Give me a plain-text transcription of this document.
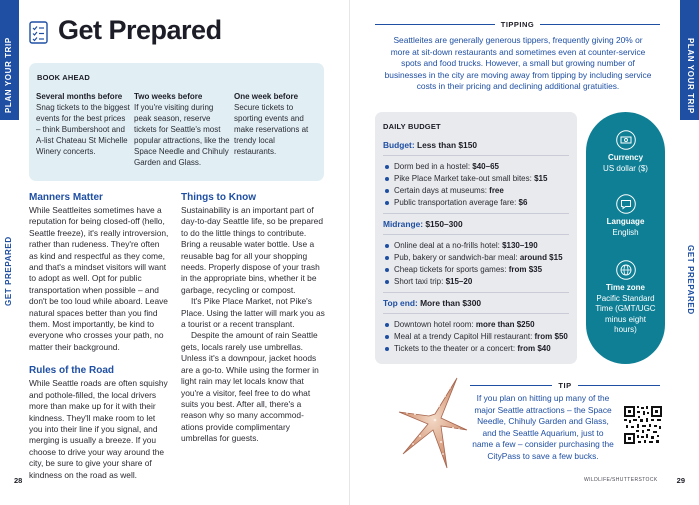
PLAN YOUR TRIP
GET PREPARED
Get Prepared
BOOK AHEAD
Several months before Snag tickets to the biggest events for the best prices – think Bumbershoot and A-list Chateau St Michelle Winery concerts.
Two weeks before
If you're visiting during peak season, reserve tickets for Seattle's most popular attractions, like the Space Needle and Chihuly Garden and Glass.
One week before
Secure tickets to sporting events and make reservations at trendy local restaurants.
Manners Matter

While Seattleites sometimes have a reputation for being closed-off (hello, Seattle freeze), it's really introversion, rather than rudeness. They're often as kind and respectful as they come, and that's a mindset visitors will want to adopt as well. Opt for public transportation when possible – and don't be too loud while aboard. Leave natural spaces better than you find them. Most importantly, be kind to everyone who crosses your path, no matter their background.

Rules of the Road

While Seattle roads are often squishy and pothole-filled, the local drivers more than make up for it with their kindness. They'll make room to let you into their line if you signal, and merging is usually a breeze. If you choose to drive your way around the city, be sure to give your share of kindness on the road as well.

Things to Know

Sustainability is an important part of day-to-day Seattle life, so be prepared to do the little things to contribute. Bring a reusable water bottle. Use a reusable bag for all your shopping needs. Properly dispose of your trash in the appropriate bins, whether it be garbage, recycling or compost.

It's Pike Place Market, not Pike's Place. Using the latter will mark you as a tourist or a recent transplant.

Despite the amount of rain Seattle gets, locals rarely use umbrellas. Unless it's a downpour, jacket hoods are a go-to. While using the former in light rain may let locals know that you're a visitor, feel free to do what suits you best. After all, there's a reason why so many accommod-ations provide complimentary umbrellas for guests.

28
PLAN YOUR TRIP
GET PREPARED
TIPPING
Seattleites are generally generous tippers, frequently giving 20% or more at sit-down restaurants and sometimes even at counter-service spots and food trucks. However, a small but growing number of businesses in the city are moving away from tipping by including service costs in their pricing and declining additional gratuities.
DAILY BUDGET
Budget: Less than $150
Dorm bed in a hostel: $40–65
Pike Place Market take-out small bites: $15
Certain days at museums: free
Public transportation average fare: $6
Midrange: $150–300
Online deal at a no-frills hotel: $130–190
Pub, bakery or sandwich-bar meal: around $15
Cheap tickets for sports games: from $35
Short taxi trip: $15–20
Top end: More than $300
Downtown hotel room: more than $250
Meal at a trendy Capitol Hill restaurant: from $50
Tickets to the theater or a concert: from $40
Currency
US dollar ($)
Language
English
Time zone
Pacific Standard Time (GMT/UGC minus eight hours)
TIP
If you plan on hitting up many of the major Seattle attractions – the Space Needle, Chihuly Garden and Glass, and the Seattle Aquarium, just to name a few – consider purchasing the CityPass to save a few bucks.
WILDLIFE/SHUTTERSTOCK	29
